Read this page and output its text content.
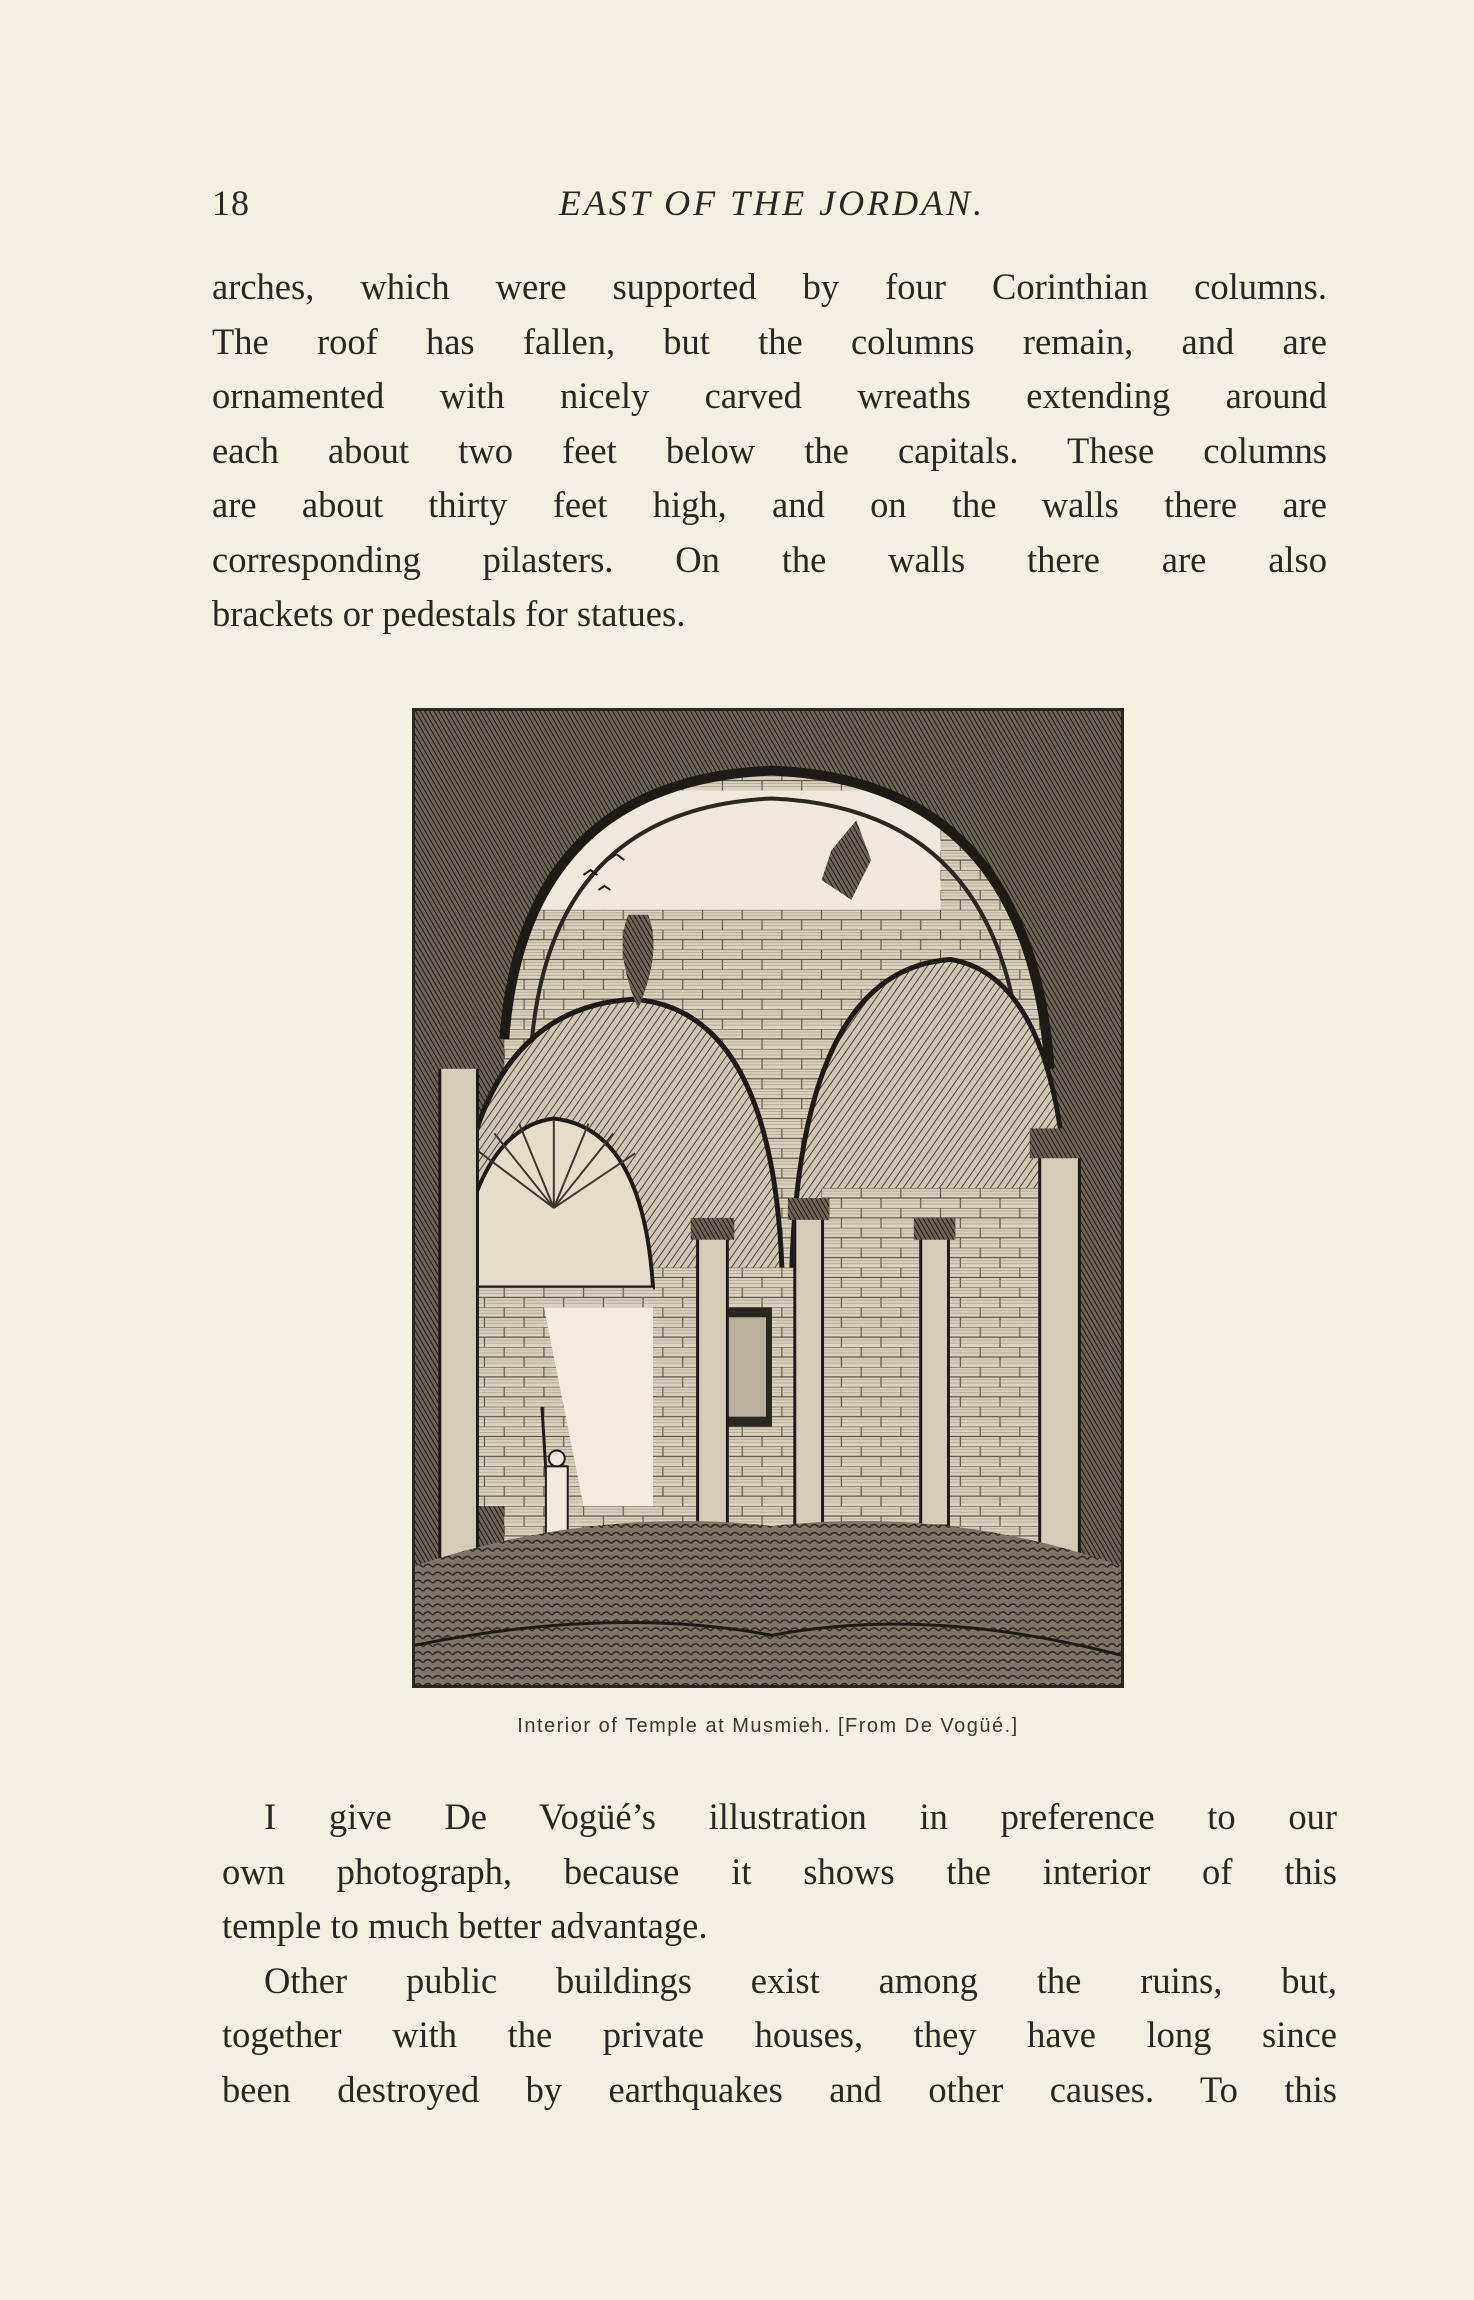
18	EAST OF THE JORDAN.
arches, which were supported by four Corinthian columns.
The roof has fallen, but the columns remain, and are
ornamented with nicely carved wreaths extending around
each about two feet below the capitals. These columns
are about thirty feet high, and on the walls there are
corresponding pilasters. On the walls there are also
brackets or pedestals for statues.
Interior of Temple at Musmieh. [From De Vogüé.]
I give De Vogüé’s illustration in preference to our
own photograph, because it shows the interior of this
temple to much better advantage.
Other public buildings exist among the ruins, but,
together with the private houses, they have long since
been destroyed by earthquakes and other causes. To this
